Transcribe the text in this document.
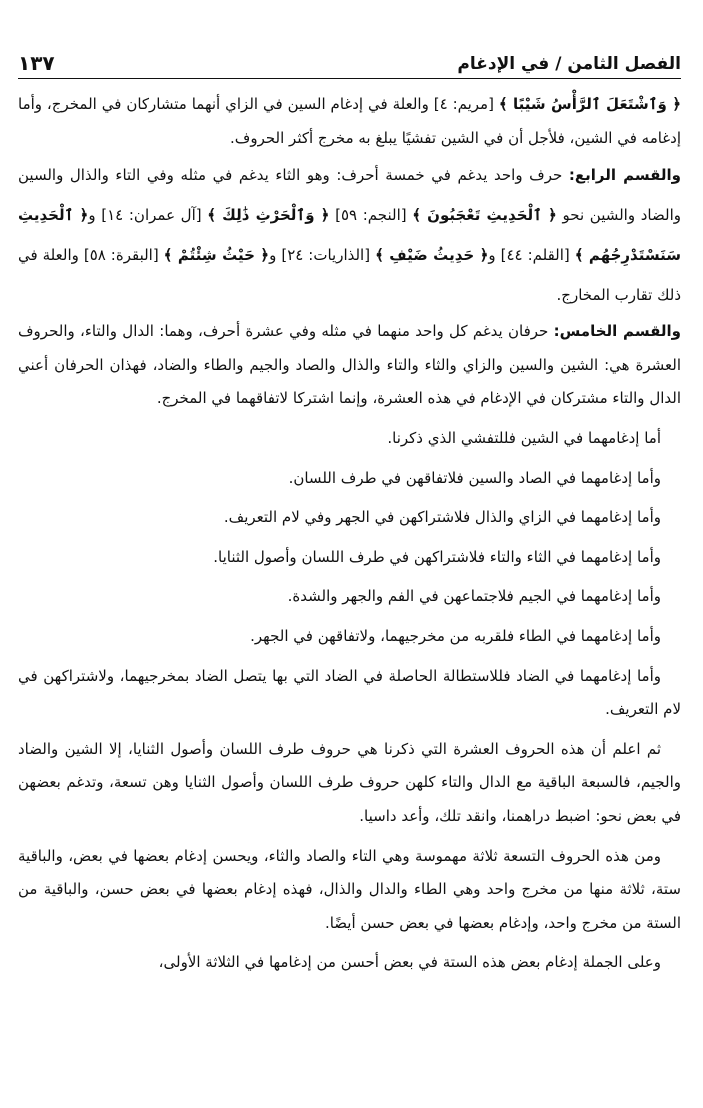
١٣٧	الفصل الثامن / في الإدغام

﴿ وَٱشْتَعَلَ ٱلرَّأْسُ شَيْبًا ﴾ [مريم: ٤] والعلة في إدغام السين في الزاي أنهما متشاركان في المخرج، وأما إدغامه في الشين، فلأجل أن في الشين تفشيًا يبلغ به مخرج أكثر الحروف.

والقسم الرابع: حرف واحد يدغم في خمسة أحرف: وهو الثاء يدغم في مثله وفي التاء والذال والسين والضاد والشين نحو ﴿ ٱلْحَدِيثِ تَعْجَبُونَ ﴾ [النجم: ٥٩] ﴿ وَٱلْحَرْثِ ذَٰلِكَ ﴾ [آل عمران: ١٤] و﴿ ٱلْحَدِيثِ سَنَسْتَدْرِجُهُم ﴾ [القلم: ٤٤] و﴿ حَدِيثُ ضَيْفِ ﴾ [الذاريات: ٢٤] و﴿ حَيْثُ شِئْتُمْ ﴾ [البقرة: ٥٨] والعلة في ذلك تقارب المخارج.

والقسم الخامس: حرفان يدغم كل واحد منهما في مثله وفي عشرة أحرف، وهما: الدال والتاء، والحروف العشرة هي: الشين والسين والزاي والثاء والتاء والذال والصاد والجيم والطاء والضاد، فهذان الحرفان أعني الدال والتاء مشتركان في الإدغام في هذه العشرة، وإنما اشتركا لاتفاقهما في المخرج.

أما إدغامهما في الشين فللتفشي الذي ذكرنا.

وأما إدغامهما في الصاد والسين فلاتفاقهن في طرف اللسان.

وأما إدغامهما في الزاي والذال فلاشتراكهن في الجهر وفي لام التعريف.

وأما إدغامهما في الثاء والتاء فلاشتراكهن في طرف اللسان وأصول الثنايا.

وأما إدغامهما في الجيم فلاجتماعهن في الفم والجهر والشدة.

وأما إدغامهما في الطاء فلقربه من مخرجيهما، ولاتفاقهن في الجهر.

وأما إدغامهما في الضاد فللاستطالة الحاصلة في الضاد التي بها يتصل الضاد بمخرجيهما، ولاشتراكهن في لام التعريف.

ثم اعلم أن هذه الحروف العشرة التي ذكرنا هي حروف طرف اللسان وأصول الثنايا، إلا الشين والضاد والجيم، فالسبعة الباقية مع الدال والتاء كلهن حروف طرف اللسان وأصول الثنايا وهن تسعة، وتدغم بعضهن في بعض نحو: اضبط دراهمنا، وانقد تلك، وأعد داسيا.

ومن هذه الحروف التسعة ثلاثة مهموسة وهي التاء والصاد والثاء، ويحسن إدغام بعضها في بعض، والباقية ستة، ثلاثة منها من مخرج واحد وهي الطاء والدال والذال، فهذه إدغام بعضها في بعض حسن، والباقية من الستة من مخرج واحد، وإدغام بعضها في بعض حسن أيضًا.

وعلى الجملة إدغام بعض هذه الستة في بعض أحسن من إدغامها في الثلاثة الأولى،
